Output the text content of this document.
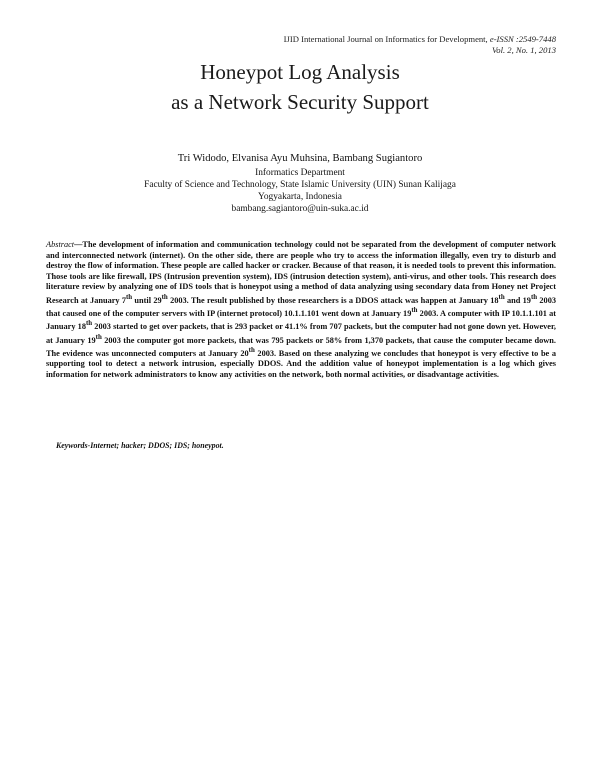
IJID International Journal on Informatics for Development, e-ISSN :2549-7448
Vol. 2, No. 1, 2013
Honeypot Log Analysis
as a Network Security Support
Tri Widodo, Elvanisa Ayu Muhsina, Bambang Sugiantoro
Informatics Department
Faculty of Science and Technology, State Islamic University (UIN) Sunan Kalijaga
Yogyakarta, Indonesia
bambang.sagiantoro@uin-suka.ac.id

Abstract—The development of information and communication technology could not be separated from the development of computer network and interconnected network (internet). On the other side, there are people who try to access the information illegally, even try to disturb and destroy the flow of information. These people are called hacker or cracker. Because of that reason, it is needed tools to prevent this information. Those tools are like firewall, IPS (Intrusion prevention system), IDS (intrusion detection system), anti-virus, and other tools. This research does literature review by analyzing one of IDS tools that is honeypot using a method of data analyzing using secondary data from Honey net Project Research at January 7th until 29th 2003. The result published by those researchers is a DDOS attack was happen at January 18th and 19th 2003 that caused one of the computer servers with IP (internet protocol) 10.1.1.101 went down at January 19th 2003. A computer with IP 10.1.1.101 at January 18th 2003 started to get over packets, that is 293 packet or 41.1% from 707 packets, but the computer had not gone down yet. However, at January 19th 2003 the computer got more packets, that was 795 packets or 58% from 1,370 packets, that cause the computer became down. The evidence was unconnected computers at January 20th 2003. Based on these analyzing we concludes that honeypot is very effective to be a supporting tool to detect a network intrusion, especially DDOS. And the addition value of honeypot implementation is a log which gives information for network administrators to know any activities on the network, both normal activities, or disadvantage activities.

Keywords-Internet; hacker; DDOS; IDS; honeypot.
